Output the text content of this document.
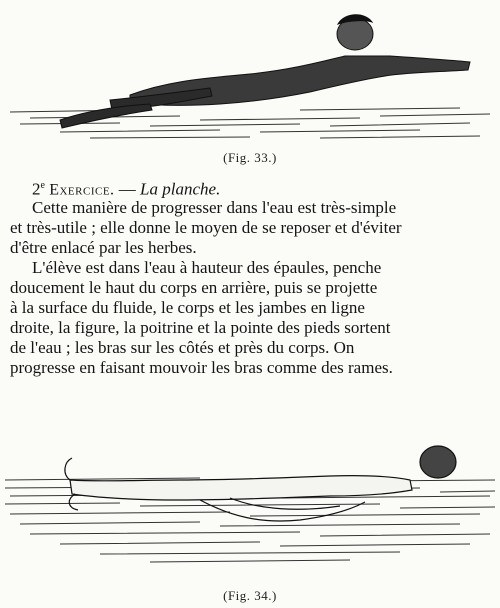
(Fig. 33.)
2e Exercice. — La planche.
Cette manière de progresser dans l'eau est très-simple
et très-utile ; elle donne le moyen de se reposer et d'éviter
d'être enlacé par les herbes.
L'élève est dans l'eau à hauteur des épaules, penche
doucement le haut du corps en arrière, puis se projette
à la surface du fluide, le corps et les jambes en ligne
droite, la figure, la poitrine et la pointe des pieds sortent
de l'eau ; les bras sur les côtés et près du corps. On
progresse en faisant mouvoir les bras comme des rames.
(Fig. 34.)
